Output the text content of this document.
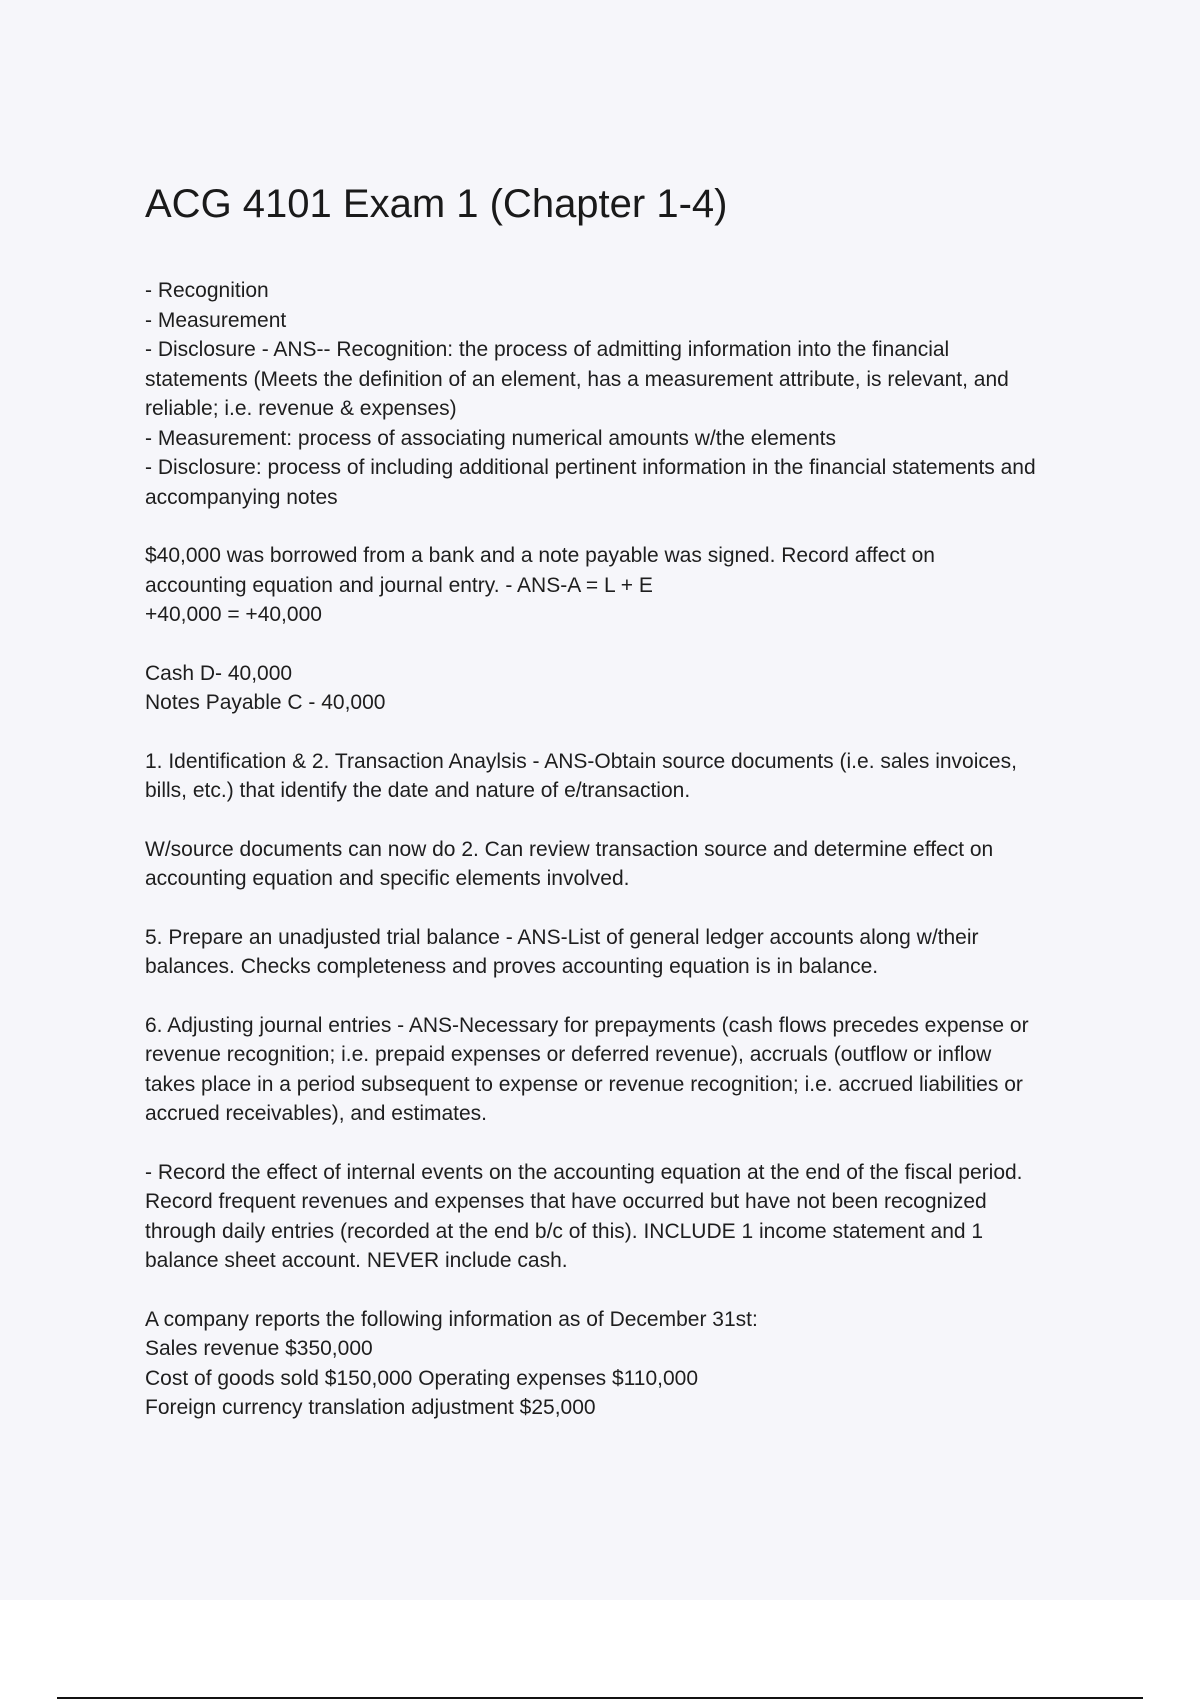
ACG 4101 Exam 1 (Chapter 1-4)
- Recognition
- Measurement
- Disclosure - ANS-- Recognition: the process of admitting information into the financial
statements (Meets the definition of an element, has a measurement attribute, is relevant, and
reliable; i.e. revenue & expenses)
- Measurement: process of associating numerical amounts w/the elements
- Disclosure: process of including additional pertinent information in the financial statements and
accompanying notes
$40,000 was borrowed from a bank and a note payable was signed. Record affect on
accounting equation and journal entry. - ANS-A = L + E
+40,000 = +40,000
Cash D- 40,000
Notes Payable C - 40,000
1. Identification & 2. Transaction Anaylsis - ANS-Obtain source documents (i.e. sales invoices,
bills, etc.) that identify the date and nature of e/transaction.
W/source documents can now do 2. Can review transaction source and determine effect on
accounting equation and specific elements involved.
5. Prepare an unadjusted trial balance - ANS-List of general ledger accounts along w/their
balances. Checks completeness and proves accounting equation is in balance.
6. Adjusting journal entries - ANS-Necessary for prepayments (cash flows precedes expense or
revenue recognition; i.e. prepaid expenses or deferred revenue), accruals (outflow or inflow
takes place in a period subsequent to expense or revenue recognition; i.e. accrued liabilities or
accrued receivables), and estimates.
- Record the effect of internal events on the accounting equation at the end of the fiscal period.
Record frequent revenues and expenses that have occurred but have not been recognized
through daily entries (recorded at the end b/c of this). INCLUDE 1 income statement and 1
balance sheet account. NEVER include cash.
A company reports the following information as of December 31st:
Sales revenue $350,000
Cost of goods sold $150,000 Operating expenses $110,000
Foreign currency translation adjustment $25,000
